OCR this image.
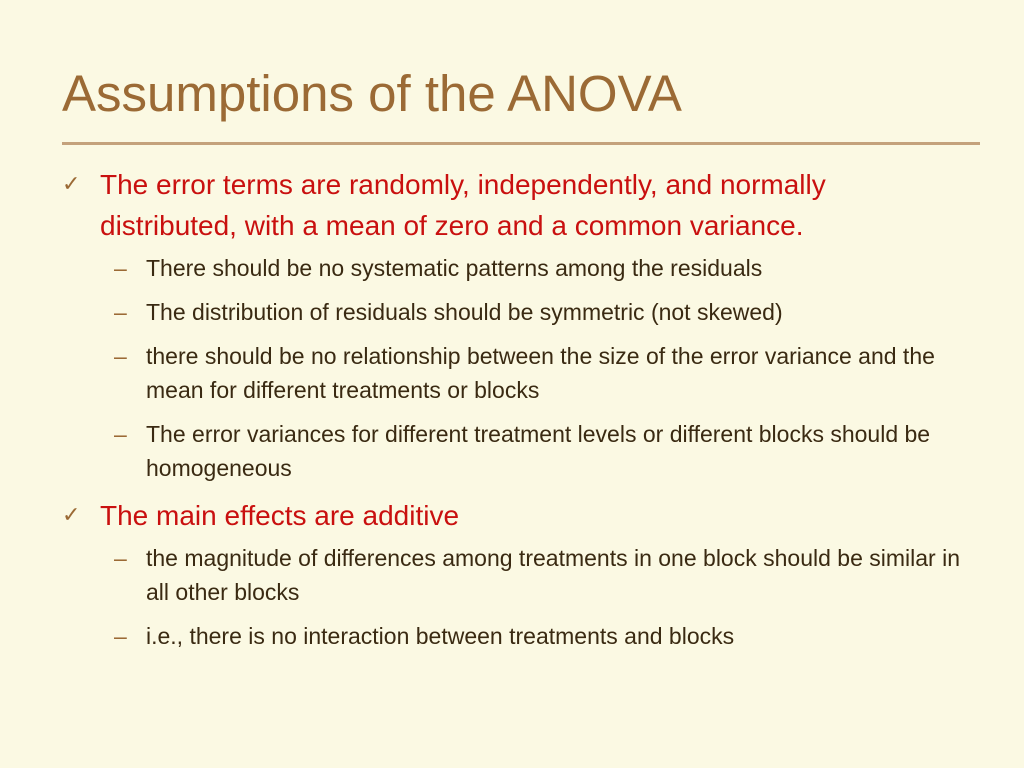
Assumptions of the ANOVA
✓ The error terms are randomly, independently, and normally distributed, with a mean of zero and a common variance.
– There should be no systematic patterns among the residuals
– The distribution of residuals should be symmetric (not skewed)
– there should be no relationship between the size of the error variance and the mean for different treatments or blocks
– The error variances for different treatment levels or different blocks should be homogeneous
✓ The main effects are additive
– the magnitude of differences among treatments in one block should be similar in all other blocks
– i.e., there is no interaction between treatments and blocks
